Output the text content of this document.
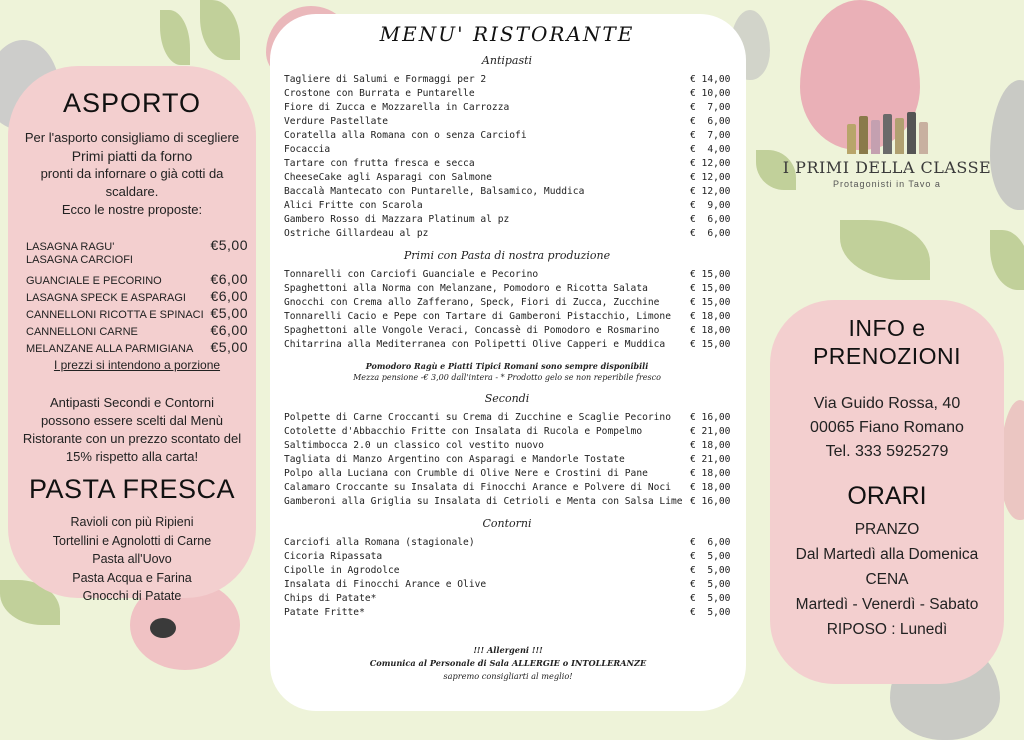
ASPORTO

Per l'asporto consigliamo di scegliere

Primi piatti da forno

pronti da infornare o già cotti da

scaldare.

Ecco le nostre proposte:

LASAGNA RAGU'	€5,00
LASAGNA CARCIOFI
GUANCIALE E PECORINO	€6,00
LASAGNA SPECK E ASPARAGI €6,00
CANNELLONI RICOTTA E SPINACI €5,00
CANNELLONI CARNE	€6,00
MELANZANE ALLA PARMIGIANA €5,00
I prezzi si intendono a porzione

Antipasti Secondi e Contorni

possono essere scelti dal Menù

Ristorante con un prezzo scontato del

15% rispetto alla carta!

PASTA FRESCA
Ravioli con più Ripieni
Tortellini e Agnolotti di Carne
Pasta all'Uovo
Pasta Acqua e Farina
Gnocchi di Patate
MENU' RISTORANTE
Antipasti
Tagliere di Salumi e Formaggi per 2	€ 14,00
Crostone con Burrata e Puntarelle	€ 10,00
Fiore di Zucca e Mozzarella in Carrozza	€  7,00
Verdure Pastellate	€  6,00
Coratella alla Romana con o senza Carciofi	€  7,00
Focaccia	€  4,00
Tartare con frutta fresca e secca	€ 12,00
CheeseCake agli Asparagi con Salmone	€ 12,00
Baccalà Mantecato con Puntarelle, Balsamico, Muddica	€ 12,00
Alici Fritte con Scarola	€  9,00
Gambero Rosso di Mazzara Platinum al pz	€  6,00
Ostriche Gillardeau al pz	€  6,00
Primi con Pasta di nostra produzione
Tonnarelli con Carciofi Guanciale e Pecorino	€ 15,00
Spaghettoni alla Norma con Melanzane, Pomodoro e Ricotta Salata	€ 15,00
Gnocchi con Crema allo Zafferano, Speck, Fiori di Zucca, Zucchine	€ 15,00
Tonnarelli Cacio e Pepe con Tartare di Gamberoni Pistacchio, Limone € 18,00
Spaghettoni alle Vongole Veraci, Concassè di Pomodoro e Rosmarino	€ 18,00
Chitarrina alla Mediterranea con Polipetti Olive Capperi e Muddica	€ 15,00
Pomodoro Ragù e Piatti Tipici Romani sono sempre disponibili
Mezza pensione -€ 3,00 dall'intera - * Prodotto gelo se non reperibile fresco
Secondi
Polpette di Carne Croccanti su Crema di Zucchine e Scaglie Pecorino € 16,00
Cotolette d'Abbacchio Fritte con Insalata di Rucola e Pompelmo	€ 21,00
Saltimbocca 2.0 un classico col vestito nuovo	€ 18,00
Tagliata di Manzo Argentino con Asparagi e Mandorle Tostate	€ 21,00
Polpo alla Luciana con Crumble di Olive Nere e Crostini di Pane	€ 18,00
Calamaro Croccante su Insalata di Finocchi Arance e Polvere di Noci € 18,00
Gamberoni alla Griglia su Insalata di Cetrioli e Menta con Salsa Lime € 16,00
Contorni
Carciofi alla Romana (stagionale)	€  6,00
Cicoria Ripassata	€  5,00
Cipolle in Agrodolce	€  5,00
Insalata di Finocchi Arance e Olive	€  5,00
Chips di Patate*	€  5,00
Patate Fritte*	€  5,00
!!! Allergeni !!!
Comunica al Personale di Sala ALLERGIE o INTOLLERANZE
sapremo consigliarti al meglio!
I PRIMI DELLA CLASSE
Protagonisti in Tavo a
INFO e
PRENOZIONI
Via Guido Rossa, 40
00065 Fiano Romano
Tel. 333 5925279
ORARI
PRANZO
Dal Martedì alla Domenica
CENA
Martedì - Venerdì - Sabato
RIPOSO : Lunedì
